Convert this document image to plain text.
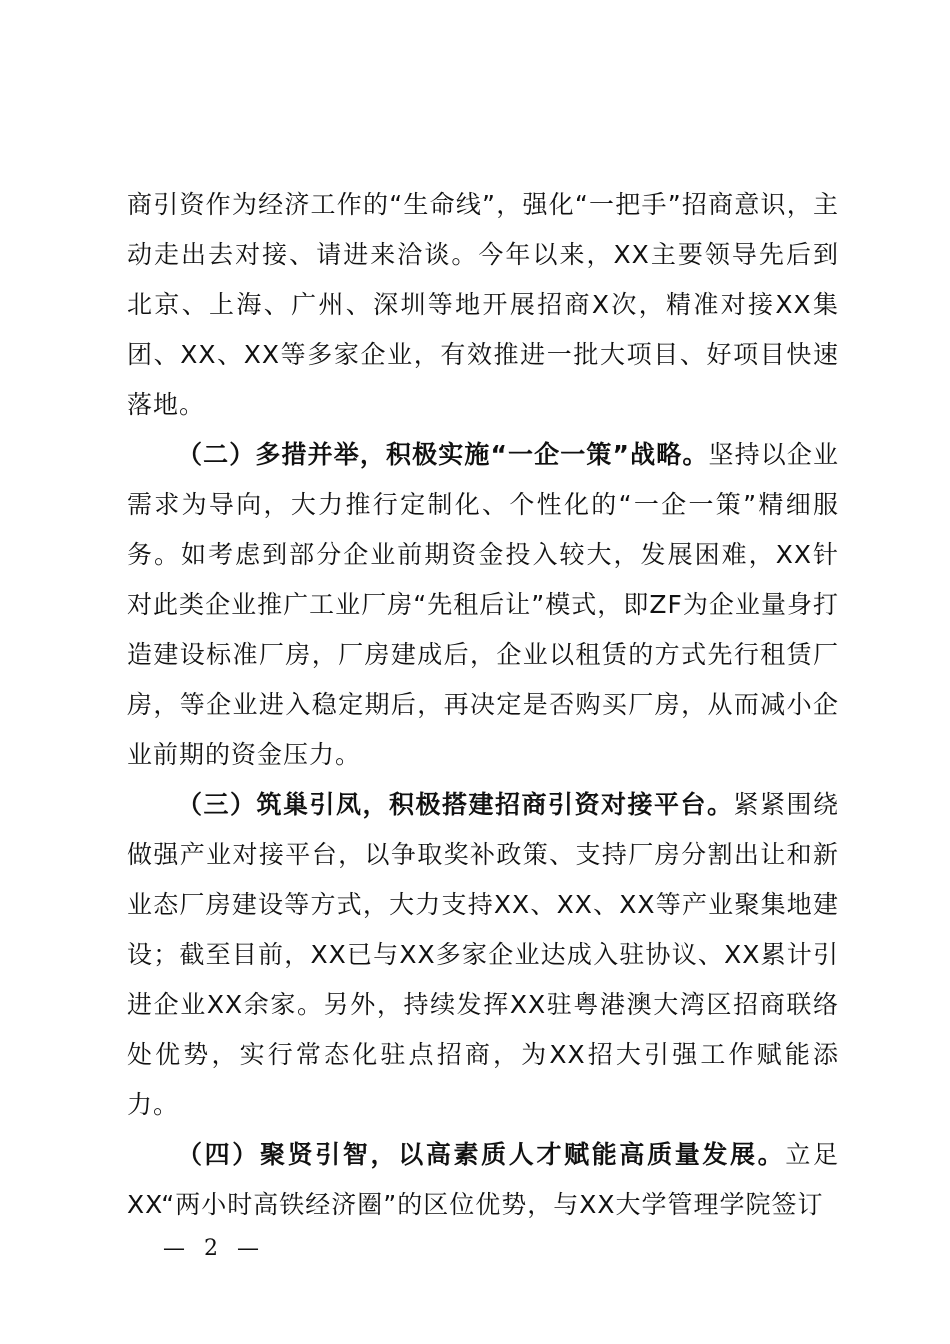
商引资作为经济工作的“生命线”，强化“一把手”招商意识，主动走出去对接、请进来洽谈。今年以来，XX主要领导先后到北京、上海、广州、深圳等地开展招商X次，精准对接XX集团、XX、XX等多家企业，有效推进一批大项目、好项目快速落地。

（二）多措并举，积极实施“一企一策”战略。坚持以企业需求为导向，大力推行定制化、个性化的“一企一策”精细服务。如考虑到部分企业前期资金投入较大，发展困难，XX针对此类企业推广工业厂房“先租后让”模式，即ZF为企业量身打造建设标准厂房，厂房建成后，企业以租赁的方式先行租赁厂房，等企业进入稳定期后，再决定是否购买厂房，从而减小企业前期的资金压力。

（三）筑巢引凤，积极搭建招商引资对接平台。紧紧围绕做强产业对接平台，以争取奖补政策、支持厂房分割出让和新业态厂房建设等方式，大力支持XX、XX、XX等产业聚集地建设；截至目前，XX已与XX多家企业达成入驻协议、XX累计引进企业XX余家。另外，持续发挥XX驻粤港澳大湾区招商联络处优势，实行常态化驻点招商，为XX招大引强工作赋能添力。

（四）聚贤引智，以高素质人才赋能高质量发展。立足XX“两小时高铁经济圈”的区位优势，与XX大学管理学院签订

— 2 —
